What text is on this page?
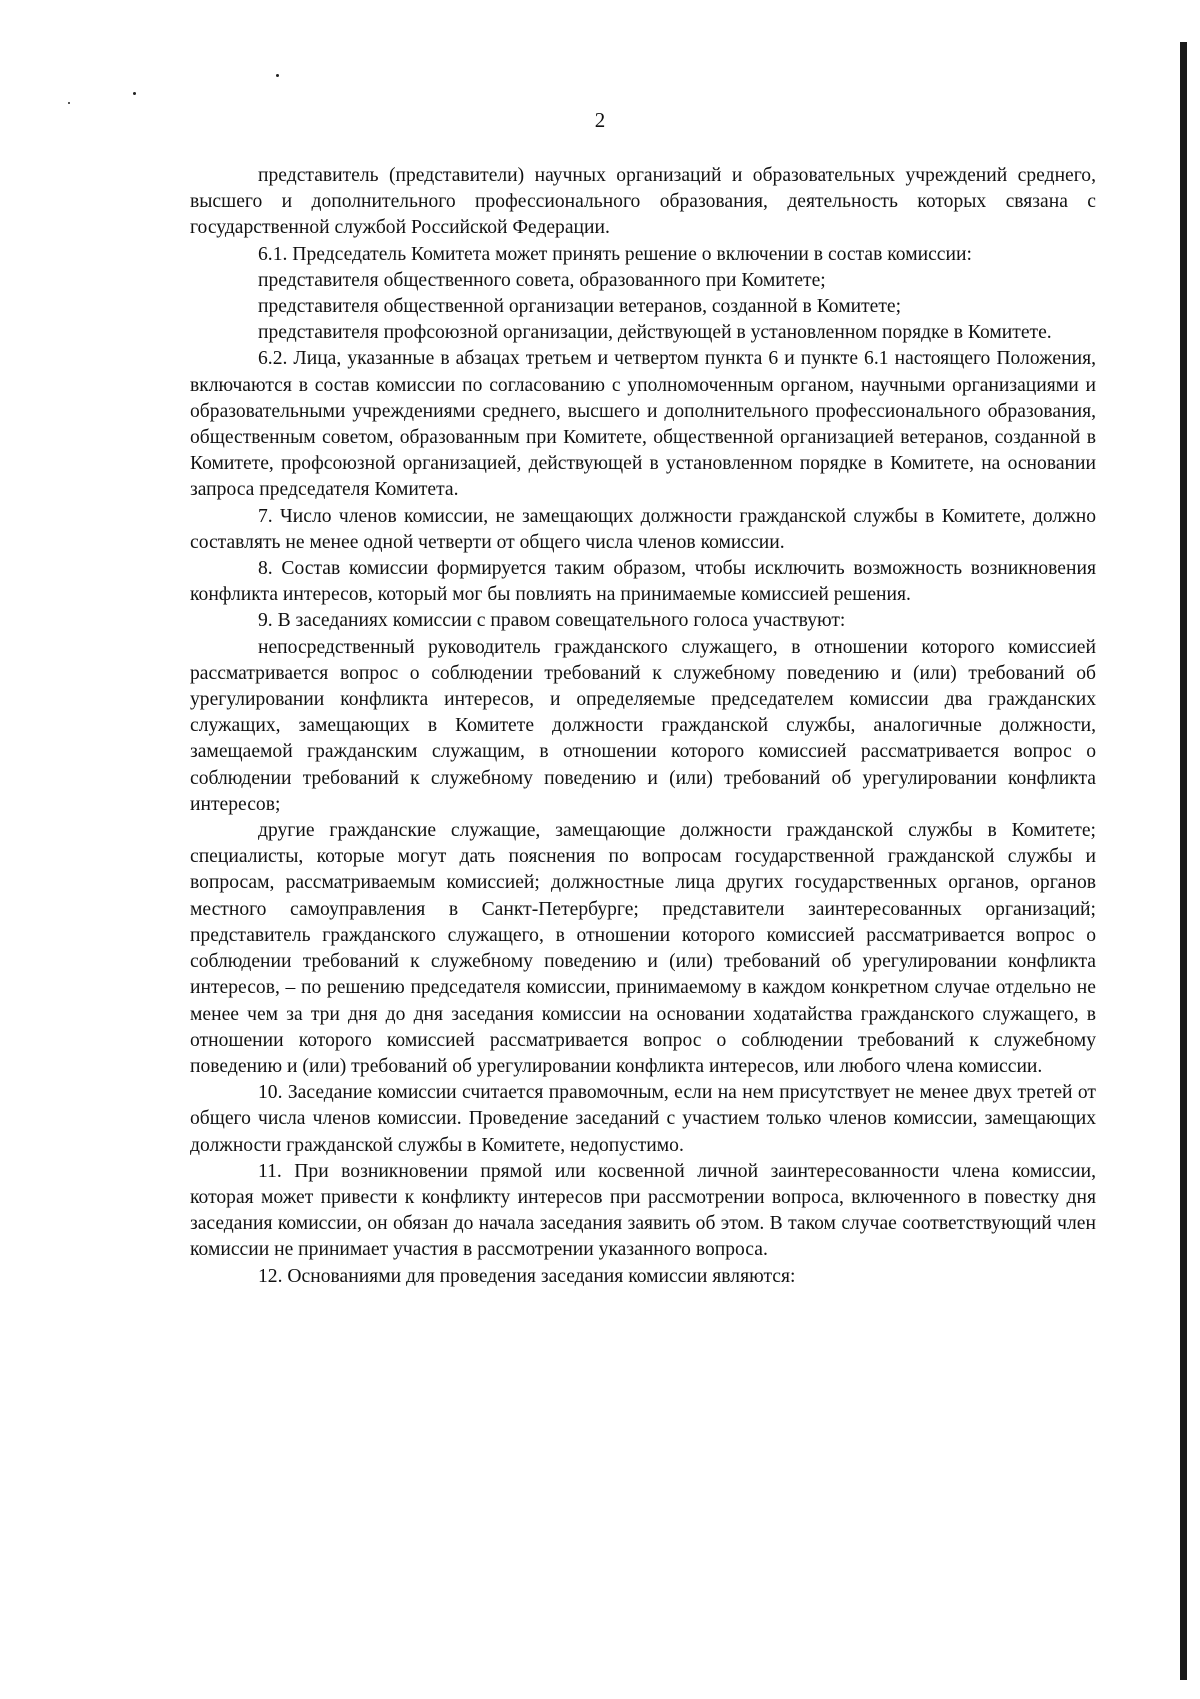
2

представитель (представители) научных организаций и образовательных учреждений среднего, высшего и дополнительного профессионального образования, деятельность которых связана с государственной службой Российской Федерации.

6.1. Председатель Комитета может принять решение о включении в состав комиссии:

представителя общественного совета, образованного при Комитете;

представителя общественной организации ветеранов, созданной в Комитете;

представителя профсоюзной организации, действующей в установленном порядке в Комитете.

6.2. Лица, указанные в абзацах третьем и четвертом пункта 6 и пункте 6.1 настоящего Положения, включаются в состав комиссии по согласованию с уполномоченным органом, научными организациями и образовательными учреждениями среднего, высшего и дополнительного профессионального образования, общественным советом, образованным при Комитете, общественной организацией ветеранов, созданной в Комитете, профсоюзной организацией, действующей в установленном порядке в Комитете, на основании запроса председателя Комитета.

7. Число членов комиссии, не замещающих должности гражданской службы в Комитете, должно составлять не менее одной четверти от общего числа членов комиссии.

8. Состав комиссии формируется таким образом, чтобы исключить возможность возникновения конфликта интересов, который мог бы повлиять на принимаемые комиссией решения.

9. В заседаниях комиссии с правом совещательного голоса участвуют:

непосредственный руководитель гражданского служащего, в отношении которого комиссией рассматривается вопрос о соблюдении требований к служебному поведению и (или) требований об урегулировании конфликта интересов, и определяемые председателем комиссии два гражданских служащих, замещающих в Комитете должности гражданской службы, аналогичные должности, замещаемой гражданским служащим, в отношении которого комиссией рассматривается вопрос о соблюдении требований к служебному поведению и (или) требований об урегулировании конфликта интересов;

другие гражданские служащие, замещающие должности гражданской службы в Комитете; специалисты, которые могут дать пояснения по вопросам государственной гражданской службы и вопросам, рассматриваемым комиссией; должностные лица других государственных органов, органов местного самоуправления в Санкт-Петербурге; представители заинтересованных организаций; представитель гражданского служащего, в отношении которого комиссией рассматривается вопрос о соблюдении требований к служебному поведению и (или) требований об урегулировании конфликта интересов, – по решению председателя комиссии, принимаемому в каждом конкретном случае отдельно не менее чем за три дня до дня заседания комиссии на основании ходатайства гражданского служащего, в отношении которого комиссией рассматривается вопрос о соблюдении требований к служебному поведению и (или) требований об урегулировании конфликта интересов, или любого члена комиссии.

10. Заседание комиссии считается правомочным, если на нем присутствует не менее двух третей от общего числа членов комиссии. Проведение заседаний с участием только членов комиссии, замещающих должности гражданской службы в Комитете, недопустимо.

11. При возникновении прямой или косвенной личной заинтересованности члена комиссии, которая может привести к конфликту интересов при рассмотрении вопроса, включенного в повестку дня заседания комиссии, он обязан до начала заседания заявить об этом. В таком случае соответствующий член комиссии не принимает участия в рассмотрении указанного вопроса.

12. Основаниями для проведения заседания комиссии являются:
